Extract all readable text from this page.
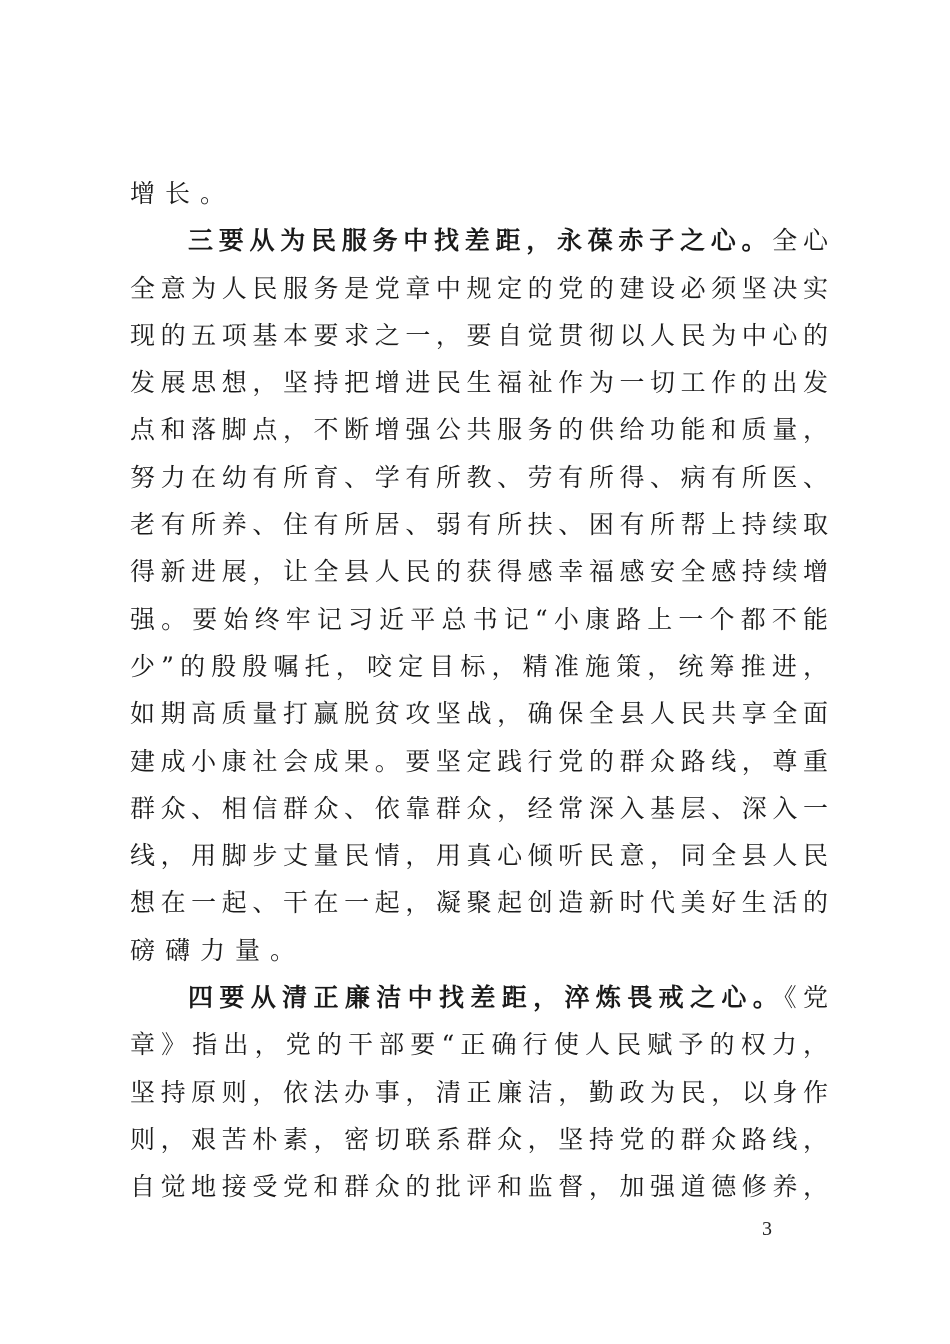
增长。
三要从为民服务中找差距，永葆赤子之心。全心
全意为人民服务是党章中规定的党的建设必须坚决实
现的五项基本要求之一，要自觉贯彻以人民为中心的
发展思想，坚持把增进民生福祉作为一切工作的出发
点和落脚点，不断增强公共服务的供给功能和质量，
努力在幼有所育、学有所教、劳有所得、病有所医、
老有所养、住有所居、弱有所扶、困有所帮上持续取
得新进展，让全县人民的获得感幸福感安全感持续增
强。要始终牢记习近平总书记“小康路上一个都不能
少”的殷殷嘱托，咬定目标，精准施策，统筹推进，
如期高质量打赢脱贫攻坚战，确保全县人民共享全面
建成小康社会成果。要坚定践行党的群众路线，尊重
群众、相信群众、依靠群众，经常深入基层、深入一
线，用脚步丈量民情，用真心倾听民意，同全县人民
想在一起、干在一起，凝聚起创造新时代美好生活的
磅礴力量。
四要从清正廉洁中找差距，淬炼畏戒之心。《党
章》指出，党的干部要“正确行使人民赋予的权力，
坚持原则，依法办事，清正廉洁，勤政为民，以身作
则，艰苦朴素，密切联系群众，坚持党的群众路线，
自觉地接受党和群众的批评和监督，加强道德修养，
3
